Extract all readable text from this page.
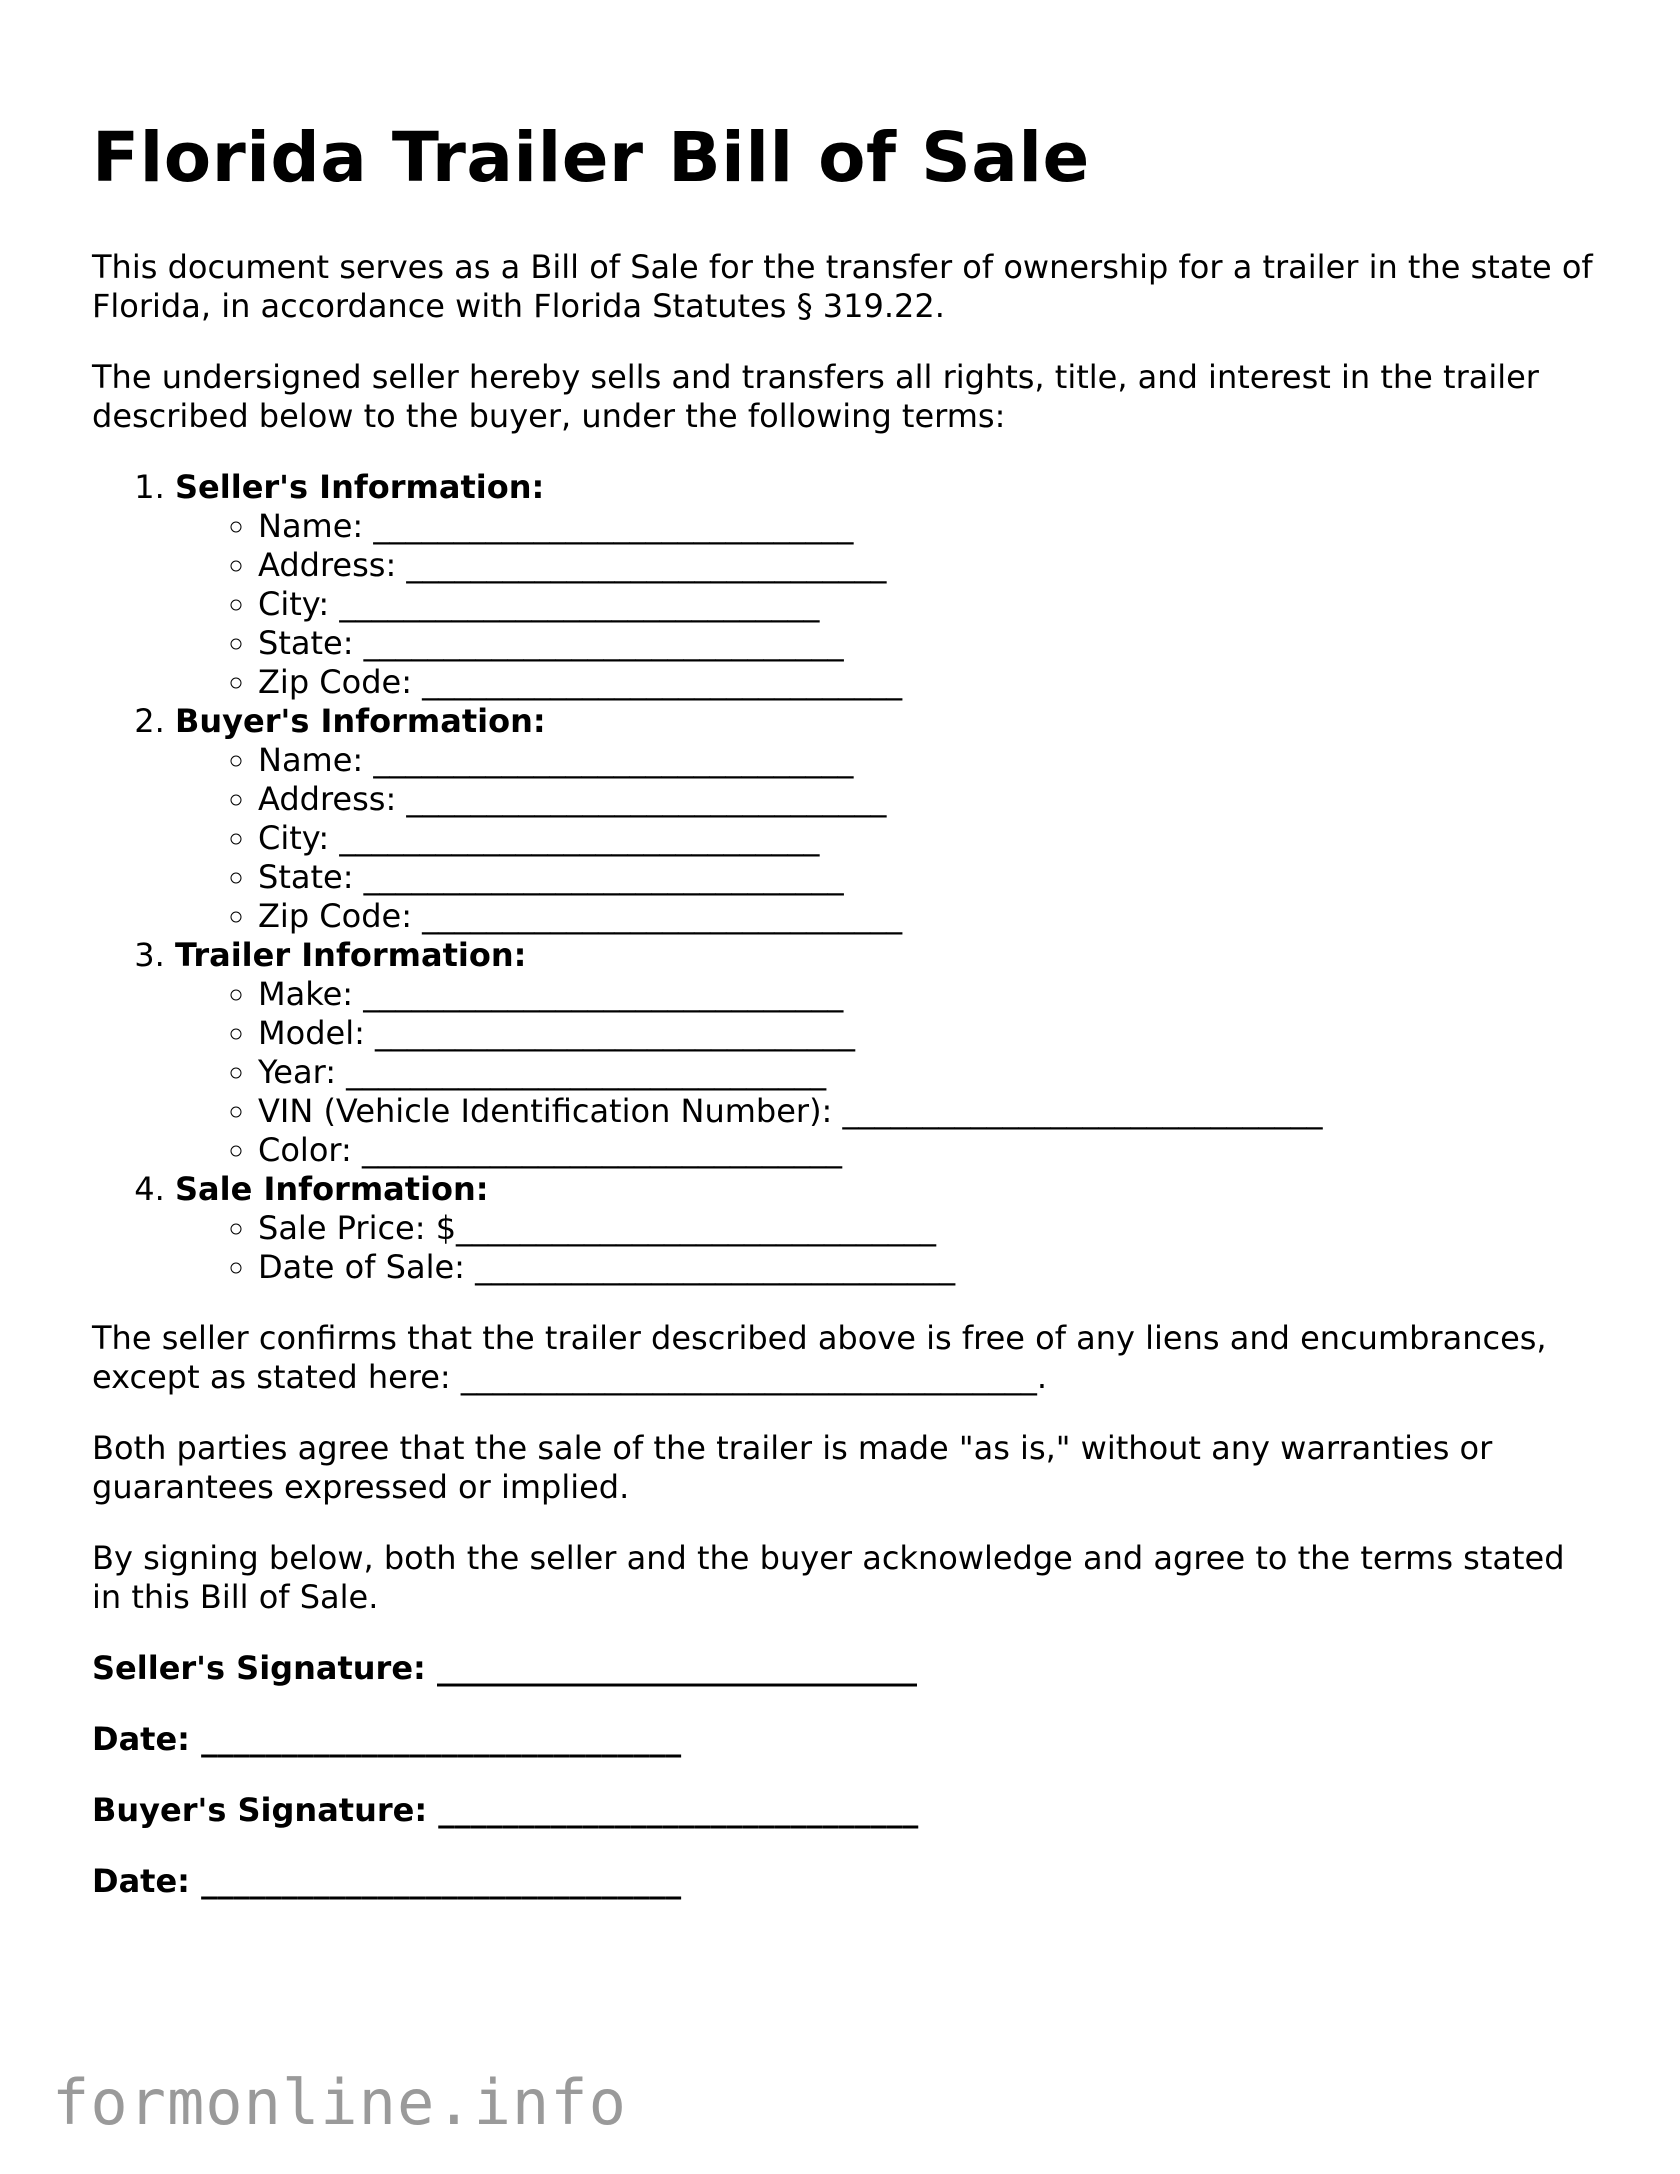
Florida Trailer Bill of Sale

This document serves as a Bill of Sale for the transfer of ownership for a trailer in the state of Florida, in accordance with Florida Statutes § 319.22.

The undersigned seller hereby sells and transfers all rights, title, and interest in the trailer described below to the buyer, under the following terms:

1. Seller's Information:
◦ Name: ______________________________
◦ Address: ______________________________
◦ City: ______________________________
◦ State: ______________________________
◦ Zip Code: ______________________________
2. Buyer's Information:
◦ Name: ______________________________
◦ Address: ______________________________
◦ City: ______________________________
◦ State: ______________________________
◦ Zip Code: ______________________________
3. Trailer Information:
◦ Make: ______________________________
◦ Model: ______________________________
◦ Year: ______________________________
◦ VIN (Vehicle Identification Number): ______________________________
◦ Color: ______________________________
4. Sale Information:
◦ Sale Price: $______________________________
◦ Date of Sale: ______________________________

The seller confirms that the trailer described above is free of any liens and encumbrances, except as stated here: ____________________________________.

Both parties agree that the sale of the trailer is made "as is," without any warranties or guarantees expressed or implied.

By signing below, both the seller and the buyer acknowledge and agree to the terms stated in this Bill of Sale.

Seller's Signature: ______________________________
Date: ______________________________
Buyer's Signature: ______________________________
Date: ______________________________
formonline.info
